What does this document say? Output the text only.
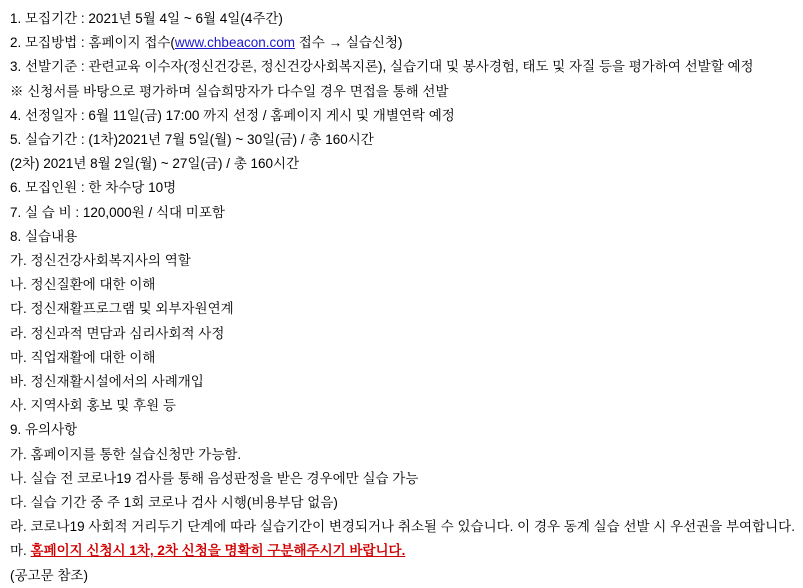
1. 모집기간 : 2021년 5월 4일 ~ 6월 4일(4주간)
2. 모집방법 : 홈페이지 접수(www.chbeacon.com 접수 → 실습신청)
3. 선발기준 : 관련교육 이수자(정신건강론, 정신건강사회복지론), 실습기대 및 봉사경험, 태도 및 자질 등을 평가하여 선발할 예정
※ 신청서를 바탕으로 평가하며 실습희망자가 다수일 경우 면접을 통해 선발
4. 선정일자 : 6월 11일(금) 17:00 까지 선정 / 홈페이지 게시 및 개별연락 예정
5. 실습기간 : (1차)2021년 7월 5일(월) ~ 30일(금) / 총 160시간
(2차) 2021년 8월 2일(월) ~ 27일(금) / 총 160시간
6. 모집인원 : 한 차수당 10명
7. 실 습 비 : 120,000원 / 식대 미포함
8. 실습내용
가. 정신건강사회복지사의 역할
나. 정신질환에 대한 이해
다. 정신재활프로그램 및 외부자원연계
라. 정신과적 면담과 심리사회적 사정
마. 직업재활에 대한 이해
바. 정신재활시설에서의 사례개입
사. 지역사회 홍보 및 후원 등
9. 유의사항
가. 홈페이지를 통한 실습신청만 가능함.
나. 실습 전 코로나19 검사를 통해 음성판정을 받은 경우에만 실습 가능
다. 실습 기간 중 주 1회 코로나 검사 시행(비용부담 없음)
라. 코로나19 사회적 거리두기 단계에 따라 실습기간이 변경되거나 취소될 수 있습니다. 이 경우 동계 실습 선발 시 우선권을 부여합니다.
마. 홈페이지 신청시 1차, 2차 신청을 명확히 구분해주시기 바랍니다.
(공고문 참조)
